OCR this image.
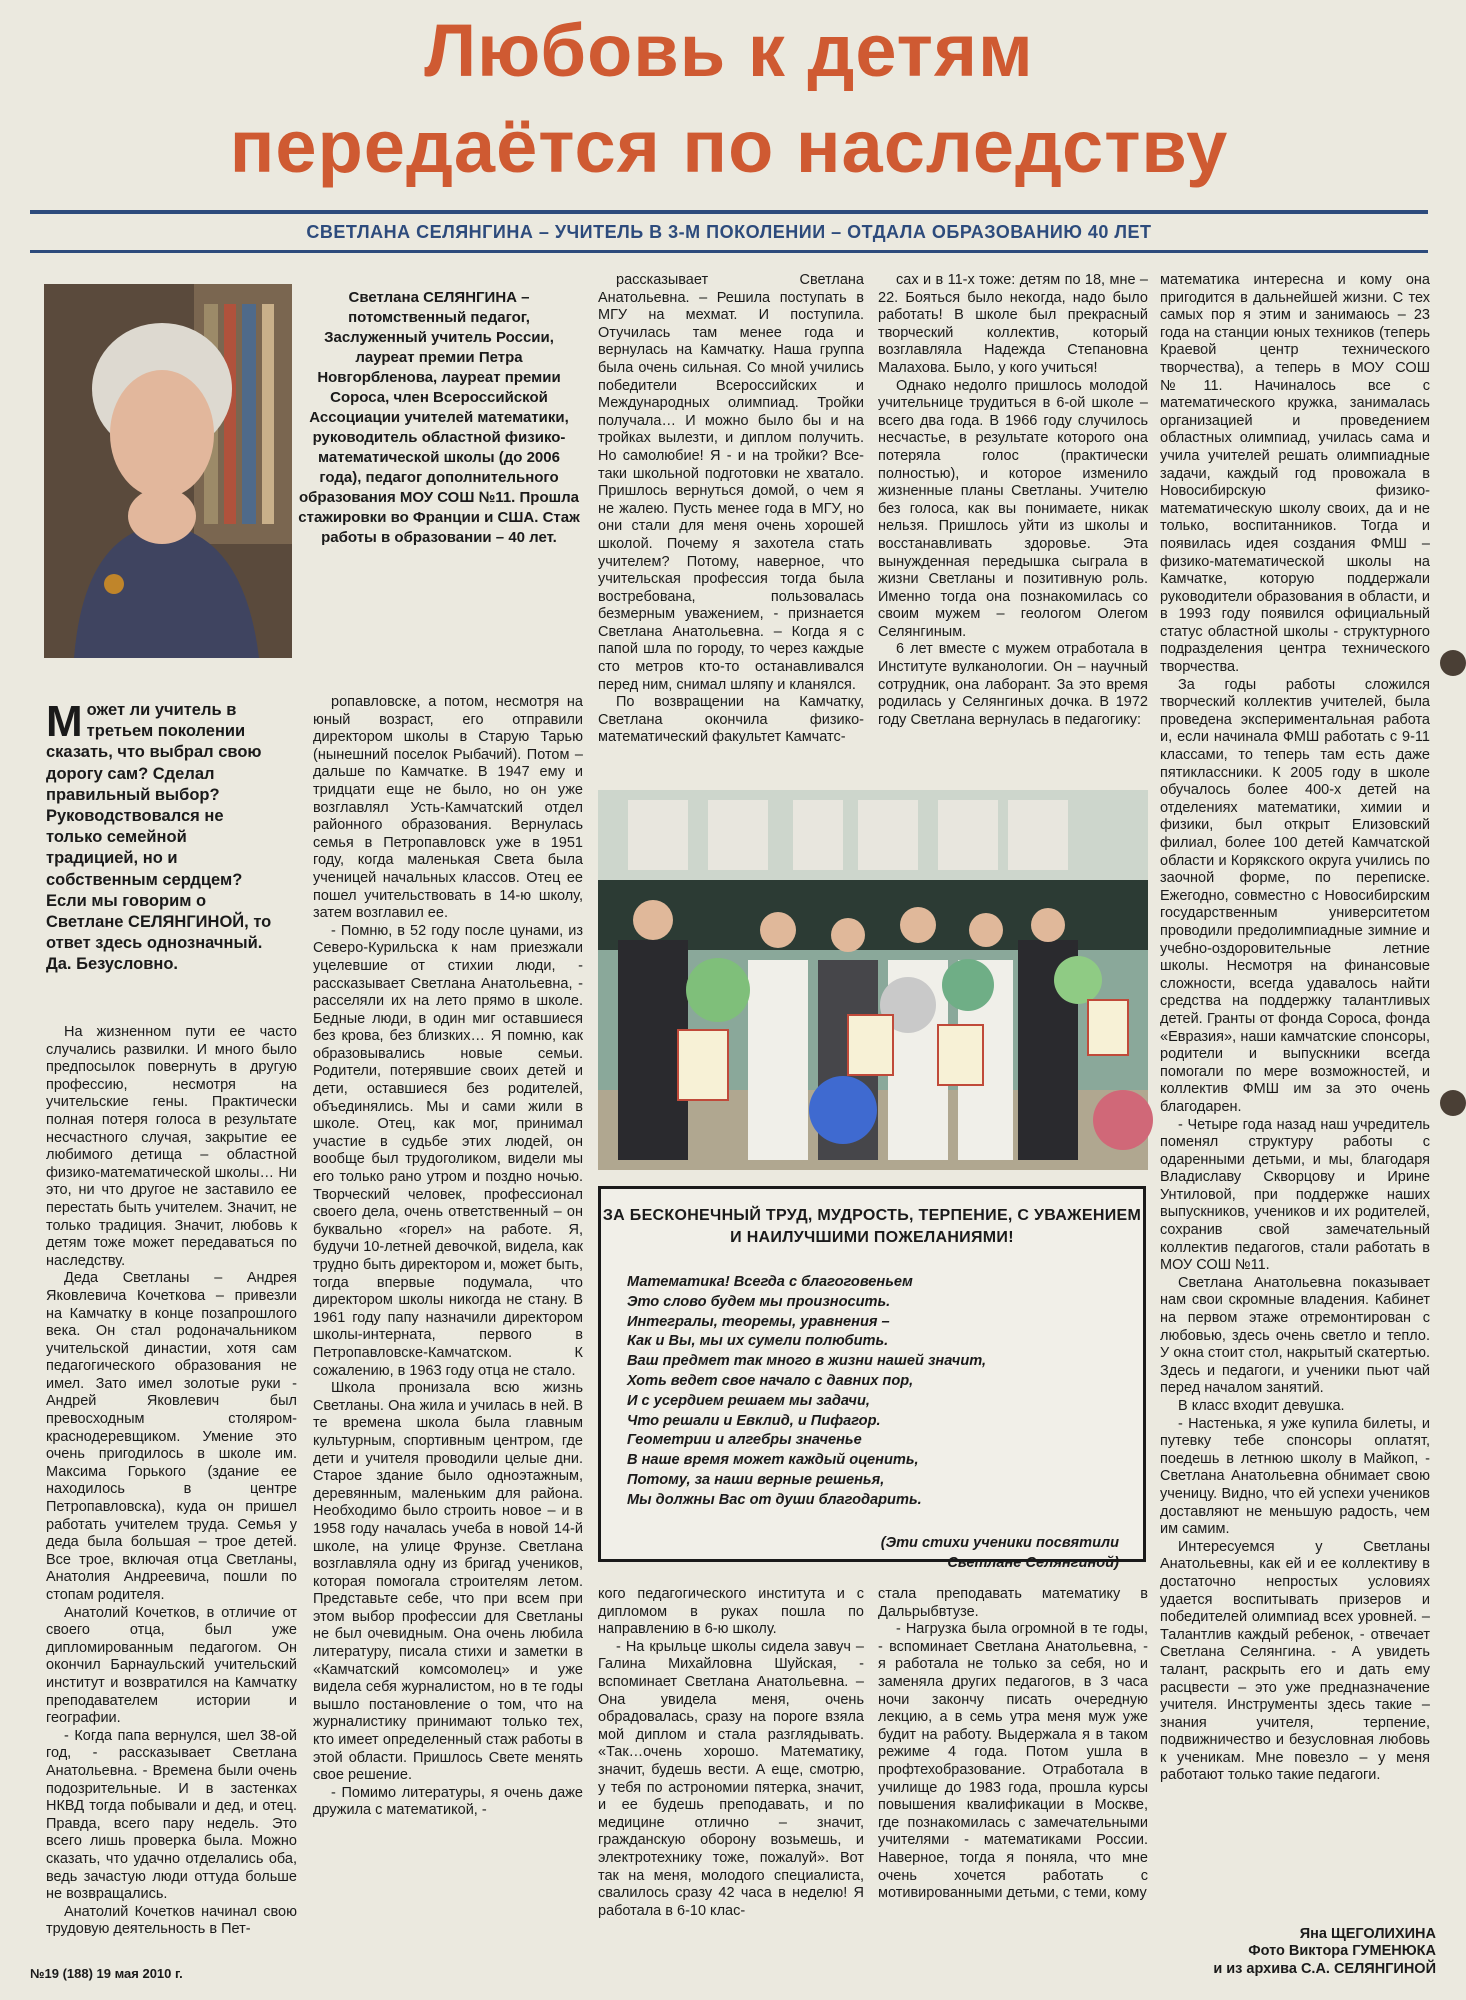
Любовь к детям
передаётся по наследству
СВЕТЛАНА СЕЛЯНГИНА – УЧИТЕЛЬ В 3-М ПОКОЛЕНИИ – ОТДАЛА ОБРАЗОВАНИЮ 40 ЛЕТ
Светлана СЕЛЯНГИНА – потомственный педагог, Заслуженный учитель России, лауреат премии Петра Новгорбленова, лауреат премии Сороса, член Всероссийской Ассоциации учителей математики, руководитель областной физико-математической школы (до 2006 года), педагог дополнительного образования МОУ СОШ №11. Прошла стажировки во Франции и США. Стаж работы в образовании – 40 лет.
Может ли учитель в третьем поколении сказать, что выбрал свою дорогу сам? Сделал правильный выбор? Руководствовался не только семейной традицией, но и собственным сердцем? Если мы говорим о Светлане СЕЛЯНГИНОЙ, то ответ здесь однозначный. Да. Безусловно.

На жизненном пути ее часто случались развилки. И много было предпосылок повернуть в другую профессию, несмотря на учительские гены. Практически полная потеря голоса в результате несчастного случая, закрытие ее любимого детища – областной физико-математической школы… Ни это, ни что другое не заставило ее перестать быть учителем. Значит, не только традиция. Значит, любовь к детям тоже может передаваться по наследству.

Деда Светланы – Андрея Яковлевича Кочеткова – привезли на Камчатку в конце позапрошлого века. Он стал родоначальником учительской династии, хотя сам педагогического образования не имел. Зато имел золотые руки - Андрей Яковлевич был превосходным столяром-краснодеревщиком. Умение это очень пригодилось в школе им. Максима Горького (здание ее находилось в центре Петропавловска), куда он пришел работать учителем труда. Семья у деда была большая – трое детей. Все трое, включая отца Светланы, Анатолия Андреевича, пошли по стопам родителя.

Анатолий Кочетков, в отличие от своего отца, был уже дипломированным педагогом. Он окончил Барнаульский учительский институт и возвратился на Камчатку преподавателем истории и географии.

- Когда папа вернулся, шел 38-ой год, - рассказывает Светлана Анатольевна. - Времена были очень подозрительные. И в застенках НКВД тогда побывали и дед, и отец. Правда, всего пару недель. Это всего лишь проверка была. Можно сказать, что удачно отделались оба, ведь зачастую люди оттуда больше не возвращались.

Анатолий Кочетков начинал свою трудовую деятельность в Пет-

ропавловске, а потом, несмотря на юный возраст, его отправили директором школы в Старую Тарью (нынешний поселок Рыбачий). Потом – дальше по Камчатке. В 1947 ему и тридцати еще не было, но он уже возглавлял Усть-Камчатский отдел районного образования. Вернулась семья в Петропавловск уже в 1951 году, когда маленькая Света была ученицей начальных классов. Отец ее пошел учительствовать в 14-ю школу, затем возглавил ее.

- Помню, в 52 году после цунами, из Северо-Курильска к нам приезжали уцелевшие от стихии люди, - рассказывает Светлана Анатольевна, - расселяли их на лето прямо в школе. Бедные люди, в один миг оставшиеся без крова, без близких… Я помню, как образовывались новые семьи. Родители, потерявшие своих детей и дети, оставшиеся без родителей, объединялись. Мы и сами жили в школе. Отец, как мог, принимал участие в судьбе этих людей, он вообще был трудоголиком, видели мы его только рано утром и поздно ночью. Творческий человек, профессионал своего дела, очень ответственный – он буквально «горел» на работе. Я, будучи 10-летней девочкой, видела, как трудно быть директором и, может быть, тогда впервые подумала, что директором школы никогда не стану. В 1961 году папу назначили директором школы-интерната, первого в Петропавловске-Камчатском. К сожалению, в 1963 году отца не стало.

Школа пронизала всю жизнь Светланы. Она жила и училась в ней. В те времена школа была главным культурным, спортивным центром, где дети и учителя проводили целые дни. Старое здание было одноэтажным, деревянным, маленьким для района. Необходимо было строить новое – и в 1958 году началась учеба в новой 14-й школе, на улице Фрунзе. Светлана возглавляла одну из бригад учеников, которая помогала строителям летом. Представьте себе, что при всем при этом выбор профессии для Светланы не был очевидным. Она очень любила литературу, писала стихи и заметки в «Камчатский комсомолец» и уже видела себя журналистом, но в те годы вышло постановление о том, что на журналистику принимают только тех, кто имеет определенный стаж работы в этой области. Пришлось Свете менять свое решение.

- Помимо литературы, я очень даже дружила с математикой, -

рассказывает Светлана Анатольевна. – Решила поступать в МГУ на мехмат. И поступила. Отучилась там менее года и вернулась на Камчатку. Наша группа была очень сильная. Со мной учились победители Всероссийских и Международных олимпиад. Тройки получала… И можно было бы и на тройках вылезти, и диплом получить. Но самолюбие! Я - и на тройки? Все-таки школьной подготовки не хватало. Пришлось вернуться домой, о чем я не жалею. Пусть менее года в МГУ, но они стали для меня очень хорошей школой. Почему я захотела стать учителем? Потому, наверное, что учительская профессия тогда была востребована, пользовалась безмерным уважением, - признается Светлана Анатольевна. – Когда я с папой шла по городу, то через каждые сто метров кто-то останавливался перед ним, снимал шляпу и кланялся.

По возвращении на Камчатку, Светлана окончила физико-математический факультет Камчатс-

сах и в 11-х тоже: детям по 18, мне – 22. Бояться было некогда, надо было работать! В школе был прекрасный творческий коллектив, который возглавляла Надежда Степановна Малахова. Было, у кого учиться!

Однако недолго пришлось молодой учительнице трудиться в 6-ой школе – всего два года. В 1966 году случилось несчастье, в результате которого она потеряла голос (практически полностью), и которое изменило жизненные планы Светланы. Учителю без голоса, как вы понимаете, никак нельзя. Пришлось уйти из школы и восстанавливать здоровье. Эта вынужденная передышка сыграла в жизни Светланы и позитивную роль. Именно тогда она познакомилась со своим мужем – геологом Олегом Селянгиным.

6 лет вместе с мужем отработала в Институте вулканологии. Он – научный сотрудник, она лаборант. За это время родилась у Селянгиных дочка. В 1972 году Светлана вернулась в педагогику:

ЗА БЕСКОНЕЧНЫЙ ТРУД, МУДРОСТЬ, ТЕРПЕНИЕ, С УВАЖЕНИЕМ И НАИЛУЧШИМИ ПОЖЕЛАНИЯМИ!
Математика! Всегда с благоговеньем
Это слово будем мы произносить.
Интегралы, теоремы, уравнения –
Как и Вы, мы их сумели полюбить.
Ваш предмет так много в жизни нашей значит,
Хоть ведет свое начало с давних пор,
И с усердием решаем мы задачи,
Что решали и Евклид, и Пифагор.
Геометрии и алгебры значенье
В наше время может каждый оценить,
Потому, за наши верные решенья,
Мы должны Вас от души благодарить.
(Эти стихи ученики посвятили
Светлане Селянгиной)

кого педагогического института и с дипломом в руках пошла по направлению в 6-ю школу.

- На крыльце школы сидела завуч – Галина Михайловна Шуйская, - вспоминает Светлана Анатольевна. – Она увидела меня, очень обрадовалась, сразу на пороге взяла мой диплом и стала разглядывать. «Так…очень хорошо. Математику, значит, будешь вести. А еще, смотрю, у тебя по астрономии пятерка, значит, и ее будешь преподавать, и по медицине отлично – значит, гражданскую оборону возьмешь, и электротехнику тоже, пожалуй». Вот так на меня, молодого специалиста, свалилось сразу 42 часа в неделю! Я работала в 6-10 клас-

стала преподавать математику в Дальрыбвтузе.

- Нагрузка была огромной в те годы, - вспоминает Светлана Анатольевна, - я работала не только за себя, но и заменяла других педагогов, в 3 часа ночи закончу писать очередную лекцию, а в семь утра меня муж уже будит на работу. Выдержала я в таком режиме 4 года. Потом ушла в профтехобразование. Отработала в училище до 1983 года, прошла курсы повышения квалификации в Москве, где познакомилась с замечательными учителями - математиками России. Наверное, тогда я поняла, что мне очень хочется работать с мотивированными детьми, с теми, кому

математика интересна и кому она пригодится в дальнейшей жизни. С тех самых пор я этим и занимаюсь – 23 года на станции юных техников (теперь Краевой центр технического творчества), а теперь в МОУ СОШ №11. Начиналось все с математического кружка, занималась организацией и проведением областных олимпиад, училась сама и учила учителей решать олимпиадные задачи, каждый год провожала в Новосибирскую физико-математическую школу своих, да и не только, воспитанников. Тогда и появилась идея создания ФМШ – физико-математической школы на Камчатке, которую поддержали руководители образования в области, и в 1993 году появился официальный статус областной школы - структурного подразделения центра технического творчества.

За годы работы сложился творческий коллектив учителей, была проведена экспериментальная работа и, если начинала ФМШ работать с 9-11 классами, то теперь там есть даже пятиклассники. К 2005 году в школе обучалось более 400-х детей на отделениях математики, химии и физики, был открыт Елизовский филиал, более 100 детей Камчатской области и Корякского округа учились по заочной форме, по переписке. Ежегодно, совместно с Новосибирским государственным университетом проводили предолимпиадные зимние и учебно-оздоровительные летние школы. Несмотря на финансовые сложности, всегда удавалось найти средства на поддержку талантливых детей. Гранты от фонда Сороса, фонда «Евразия», наши камчатские спонсоры, родители и выпускники всегда помогали по мере возможностей, и коллектив ФМШ им за это очень благодарен.

- Четыре года назад наш учредитель поменял структуру работы с одаренными детьми, и мы, благодаря Владиславу Скворцову и Ирине Унтиловой, при поддержке наших выпускников, учеников и их родителей, сохранив свой замечательный коллектив педагогов, стали работать в МОУ СОШ №11.

Светлана Анатольевна показывает нам свои скромные владения. Кабинет на первом этаже отремонтирован с любовью, здесь очень светло и тепло. У окна стоит стол, накрытый скатертью. Здесь и педагоги, и ученики пьют чай перед началом занятий.

В класс входит девушка.

- Настенька, я уже купила билеты, и путевку тебе спонсоры оплатят, поедешь в летнюю школу в Майкоп, - Светлана Анатольевна обнимает свою ученицу. Видно, что ей успехи учеников доставляют не меньшую радость, чем им самим.

Интересуемся у Светланы Анатольевны, как ей и ее коллективу в достаточно непростых условиях удается воспитывать призеров и победителей олимпиад всех уровней. – Талантлив каждый ребенок, - отвечает Светлана Селянгина. - А увидеть талант, раскрыть его и дать ему расцвести – это уже предназначение учителя. Инструменты здесь такие – знания учителя, терпение, подвижничество и безусловная любовь к ученикам. Мне повезло – у меня работают только такие педагоги.

Яна ЩЕГОЛИХИНА
Фото Виктора ГУМЕНЮКА
и из архива С.А. СЕЛЯНГИНОЙ
№19 (188) 19 мая 2010 г.
